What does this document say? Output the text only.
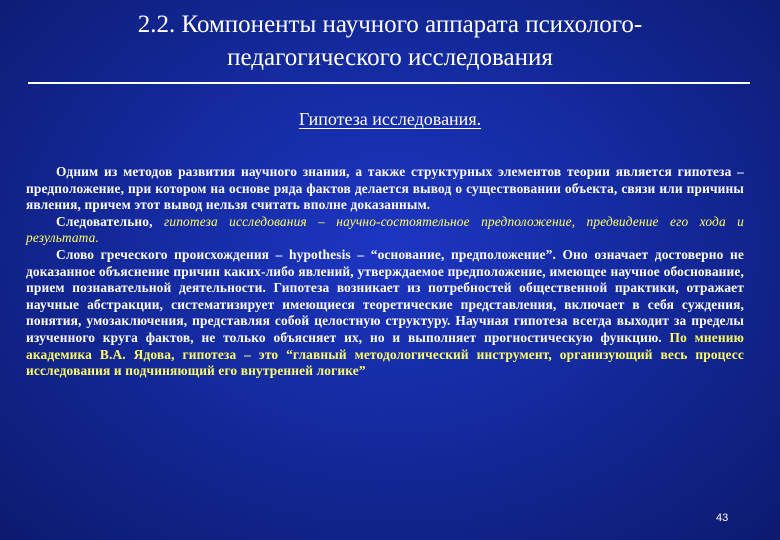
2.2. Компоненты научного аппарата психолого-
педагогического исследования
Гипотеза исследования.

Одним из методов развития научного знания, а также структурных элементов теории является гипотеза – предположение, при котором на основе ряда фактов делается вывод о существовании объекта, связи или причины явления, причем этот вывод нельзя считать вполне доказанным.

Следовательно, гипотеза исследования – научно-состоятельное предположение, предвидение его хода и результата.

Слово греческого происхождения – hypothesis – “основание, предположение”. Оно означает достоверно не доказанное объяснение причин каких-либо явлений, утверждаемое предположение, имеющее научное обоснование, прием познавательной деятельности. Гипотеза возникает из потребностей общественной практики, отражает научные абстракции, систематизирует имеющиеся теоретические представления, включает в себя суждения, понятия, умозаключения, представляя собой целостную структуру. Научная гипотеза всегда выходит за пределы изученного круга фактов, не только объясняет их, но и выполняет прогностическую функцию. По мнению академика В.А. Ядова, гипотеза – это “главный методологический инструмент, организующий весь процесс исследования и подчиняющий его внутренней логике”

43
